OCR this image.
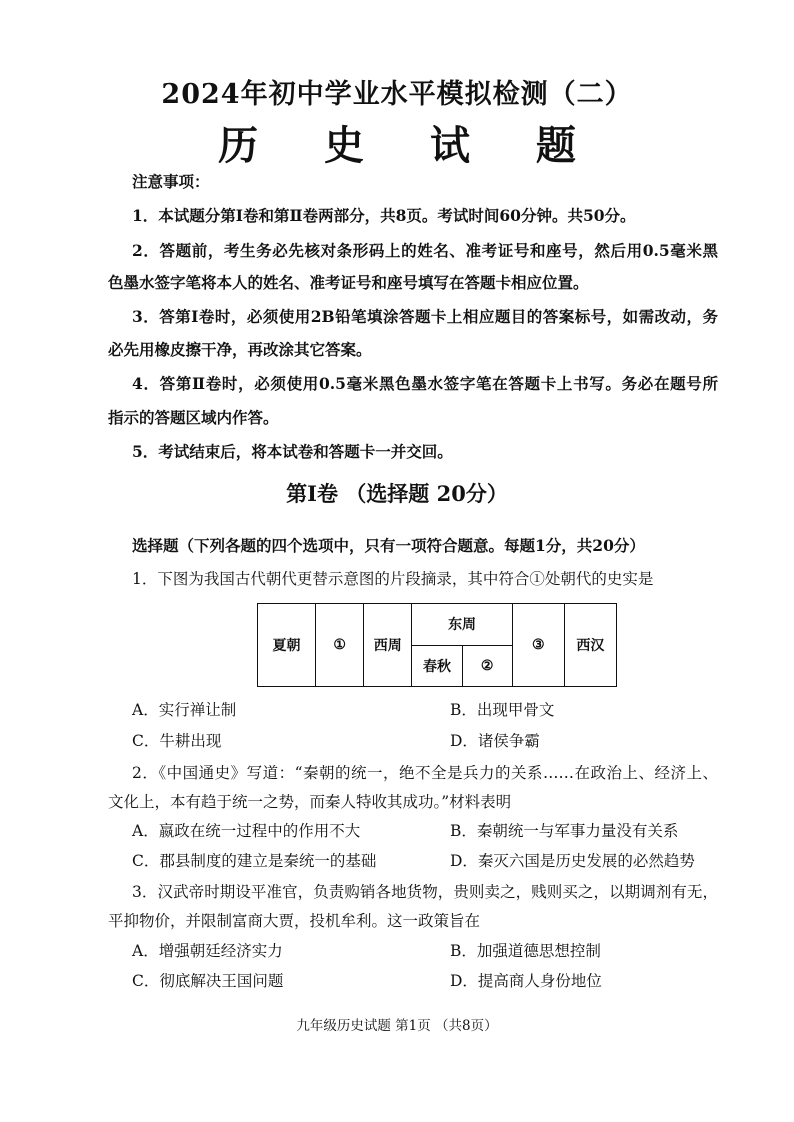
2024年初中学业水平模拟检测（二）
历 史 试 题
注意事项：
1．本试题分第Ⅰ卷和第Ⅱ卷两部分，共8页。考试时间60分钟。共50分。
2．答题前，考生务必先核对条形码上的姓名、准考证号和座号，然后用0.5毫米黑
色墨水签字笔将本人的姓名、准考证号和座号填写在答题卡相应位置。
3．答第Ⅰ卷时，必须使用2B铅笔填涂答题卡上相应题目的答案标号，如需改动，务
必先用橡皮擦干净，再改涂其它答案。
4．答第Ⅱ卷时，必须使用0.5毫米黑色墨水签字笔在答题卡上书写。务必在题号所
指示的答题区域内作答。
5．考试结束后，将本试卷和答题卡一并交回。
第Ⅰ卷 （选择题 20分）
选择题（下列各题的四个选项中，只有一项符合题意。每题1分，共20分）
1．下图为我国古代朝代更替示意图的片段摘录，其中符合①处朝代的史实是
夏朝	①	西周	东周		③	西汉
			春秋	②		
A．实行禅让制	B．出现甲骨文
C．牛耕出现	D．诸侯争霸
2．《中国通史》写道：“秦朝的统一，绝不全是兵力的关系……在政治上、经济上、
文化上，本有趋于统一之势，而秦人特收其成功。”材料表明
A．嬴政在统一过程中的作用不大	B．秦朝统一与军事力量没有关系
C．郡县制度的建立是秦统一的基础	D．秦灭六国是历史发展的必然趋势
3．汉武帝时期设平准官，负责购销各地货物，贵则卖之，贱则买之，以期调剂有无，
平抑物价，并限制富商大贾，投机牟利。这一政策旨在
A．增强朝廷经济实力	B．加强道德思想控制
C．彻底解决王国问题	D．提高商人身份地位
九年级历史试题 第1页 （共8页）
